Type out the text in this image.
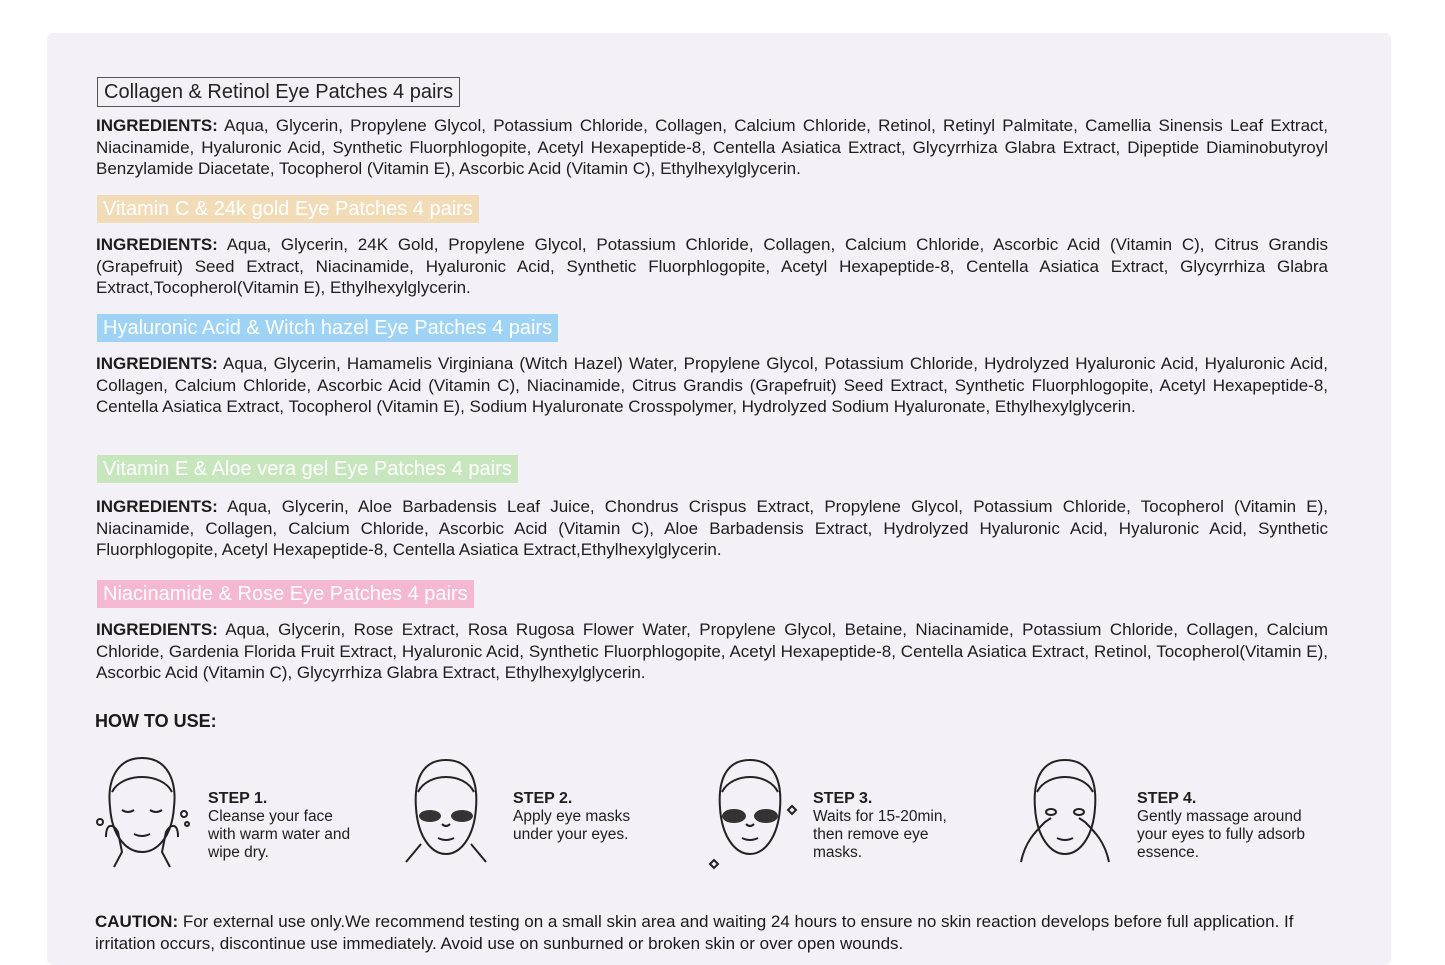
Collagen & Retinol Eye Patches 4 pairs
INGREDIENTS: Aqua, Glycerin, Propylene Glycol, Potassium Chloride, Collagen, Calcium Chloride, Retinol, Retinyl Palmitate, Camellia Sinensis Leaf Extract, Niacinamide, Hyaluronic Acid, Synthetic Fluorphlogopite, Acetyl Hexapeptide-8, Centella Asiatica Extract, Glycyrrhiza Glabra Extract, Dipeptide Diaminobutyroyl Benzylamide Diacetate, Tocopherol (Vitamin E), Ascorbic Acid (Vitamin C), Ethylhexylglycerin.
Vitamin C & 24k gold Eye Patches 4 pairs
INGREDIENTS: Aqua, Glycerin, 24K Gold, Propylene Glycol, Potassium Chloride, Collagen, Calcium Chloride, Ascorbic Acid (Vitamin C), Citrus Grandis (Grapefruit) Seed Extract, Niacinamide, Hyaluronic Acid, Synthetic Fluorphlogopite, Acetyl Hexapeptide-8, Centella Asiatica Extract, Glycyrrhiza Glabra Extract,Tocopherol(Vitamin E), Ethylhexylglycerin.
Hyaluronic Acid & Witch hazel Eye Patches 4 pairs
INGREDIENTS: Aqua, Glycerin, Hamamelis Virginiana (Witch Hazel) Water, Propylene Glycol, Potassium Chloride, Hydrolyzed Hyaluronic Acid, Hyaluronic Acid, Collagen, Calcium Chloride, Ascorbic Acid (Vitamin C), Niacinamide, Citrus Grandis (Grapefruit) Seed Extract, Synthetic Fluorphlogopite, Acetyl Hexapeptide-8, Centella Asiatica Extract, Tocopherol (Vitamin E), Sodium Hyaluronate Crosspolymer, Hydrolyzed Sodium Hyaluronate, Ethylhexylglycerin.
Vitamin E & Aloe vera gel Eye Patches 4 pairs
INGREDIENTS: Aqua, Glycerin, Aloe Barbadensis Leaf Juice, Chondrus Crispus Extract, Propylene Glycol, Potassium Chloride, Tocopherol (Vitamin E), Niacinamide, Collagen, Calcium Chloride, Ascorbic Acid (Vitamin C), Aloe Barbadensis Extract, Hydrolyzed Hyaluronic Acid, Hyaluronic Acid, Synthetic Fluorphlogopite, Acetyl Hexapeptide-8, Centella Asiatica Extract,Ethylhexylglycerin.
Niacinamide & Rose Eye Patches 4 pairs
INGREDIENTS: Aqua, Glycerin, Rose Extract, Rosa Rugosa Flower Water, Propylene Glycol, Betaine, Niacinamide, Potassium Chloride, Collagen, Calcium Chloride, Gardenia Florida Fruit Extract, Hyaluronic Acid, Synthetic Fluorphlogopite, Acetyl Hexapeptide-8, Centella Asiatica Extract, Retinol, Tocopherol(Vitamin E), Ascorbic Acid (Vitamin C), Glycyrrhiza Glabra Extract, Ethylhexylglycerin.
HOW TO USE:
STEP 1.
Cleanse your face with warm water and wipe dry.
STEP 2.
Apply eye masks under your eyes.
STEP 3.
Waits for 15-20min, then remove eye masks.
STEP 4.
Gently massage around your eyes to fully adsorb essence.
CAUTION: For external use only.We recommend testing on a small skin area and waiting 24 hours to ensure no skin reaction develops before full application. If irritation occurs, discontinue use immediately. Avoid use on sunburned or broken skin or over open wounds.
